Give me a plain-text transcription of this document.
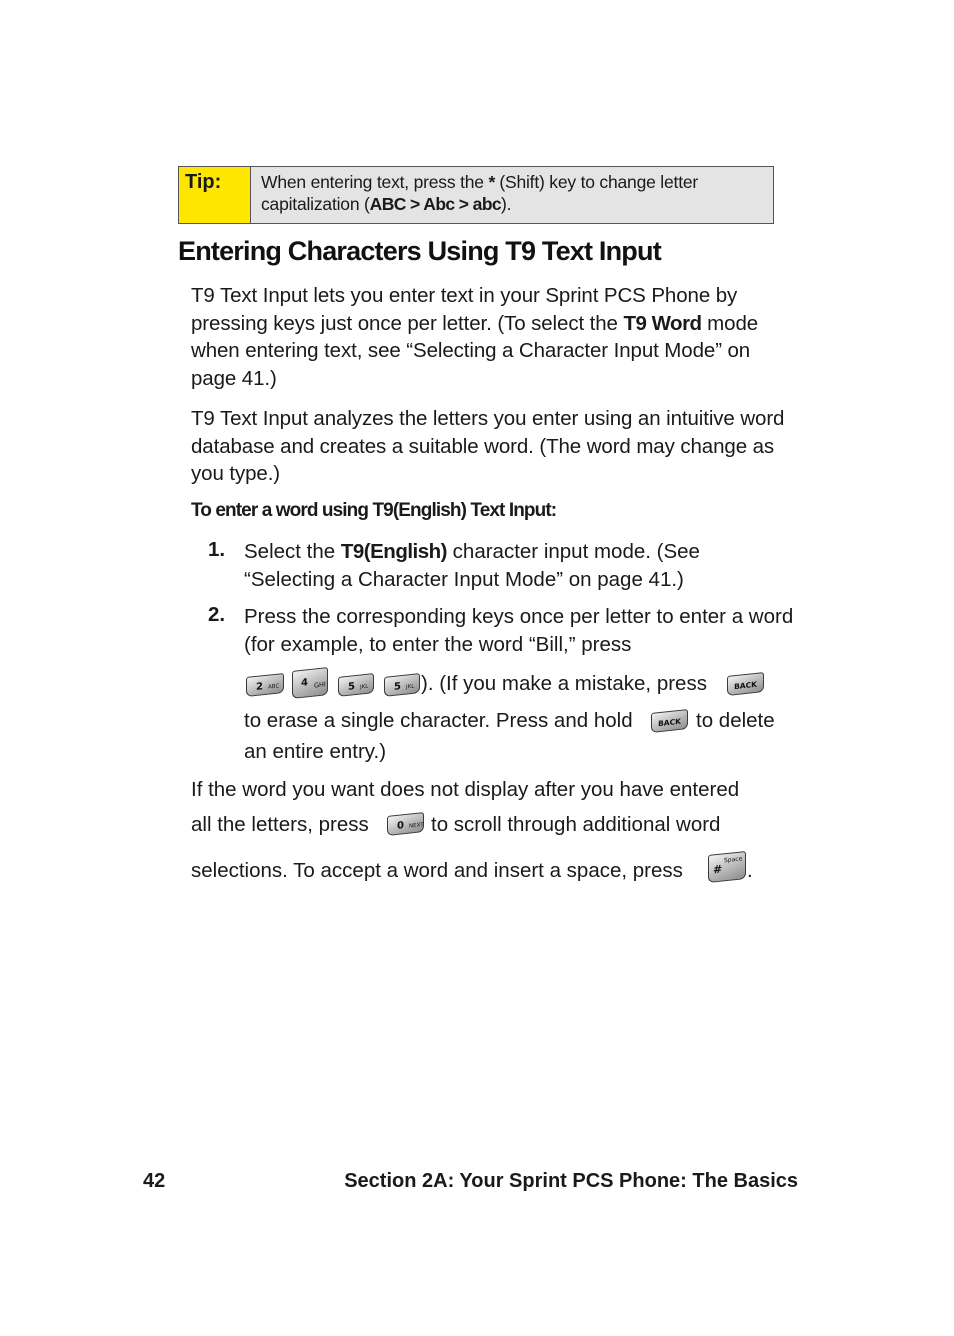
Tip:	When entering text, press the * (Shift) key to change letter capitalization (ABC > Abc > abc).
Entering Characters Using T9 Text Input

T9 Text Input lets you enter text in your Sprint PCS Phone by pressing keys just once per letter. (To select the T9 Word mode when entering text, see “Selecting a Character Input Mode” on page 41.)

T9 Text Input analyzes the letters you enter using an intuitive word database and creates a suitable word. (The word may change as you type.)

To enter a word using T9(English) Text Input:
1. Select the T9(English) character input mode. (See “Selecting a Character Input Mode” on page 41.)

2. Press the corresponding keys once per letter to enter a word (for example, to enter the word “Bill,” press

2 ABC 4 GHI 5 JKL	5 JKL ). (If you make a mistake, press	BACK
to erase a single character. Press and hold	BACK to delete
an entire entry.)
If the word you want does not display after you have entered
all the letters, press	0 NEXT to scroll through additional word
selections. To accept a word and insert a space, press	#
Space .
42	Section 2A: Your Sprint PCS Phone: The Basics
